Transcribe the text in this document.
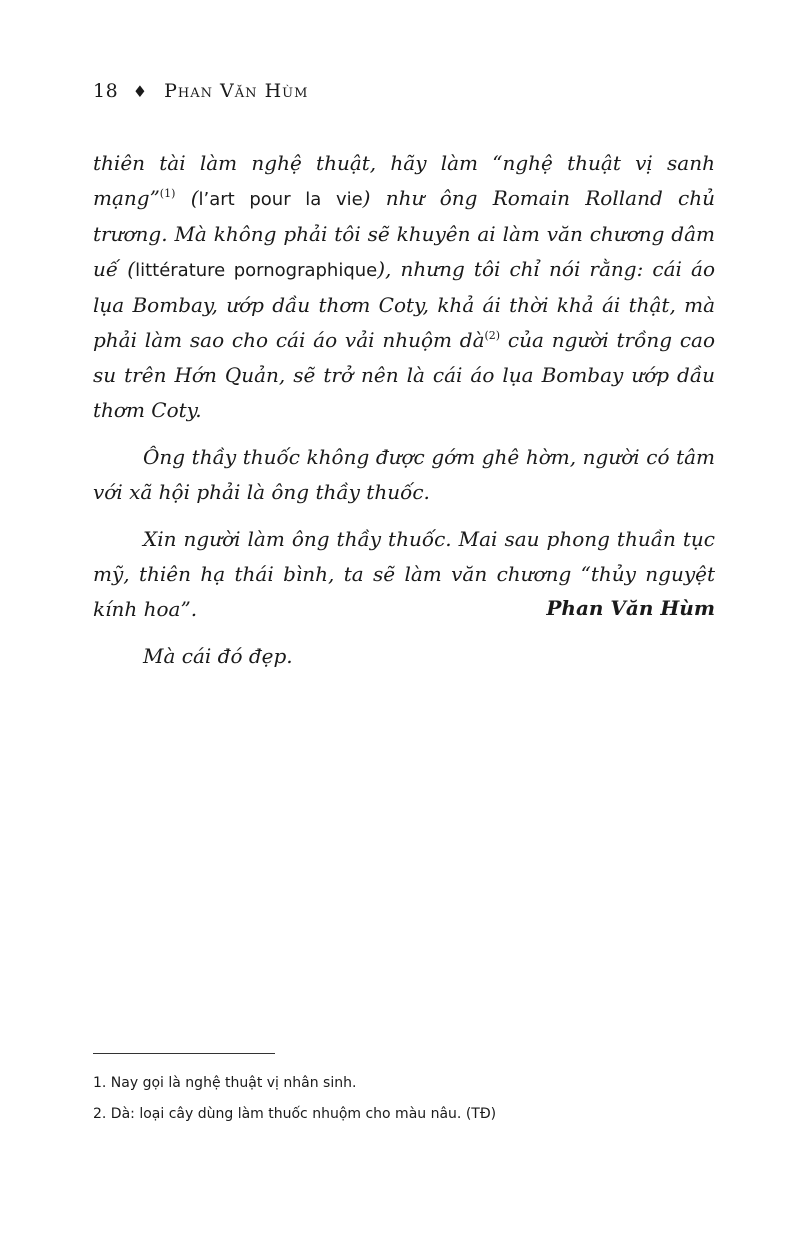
18 ♦ Phan Văn Hùm

thiên tài làm nghệ thuật, hãy làm “nghệ thuật vị sanh mạng”$^{(1)}$ (l’art pour la vie) như ông Romain Rolland chủ trương. Mà không phải tôi sẽ khuyên ai làm văn chương dâm uế (littérature pornographique), nhưng tôi chỉ nói rằng: cái áo lụa Bombay, ướp dầu thơm Coty, khả ái thời khả ái thật, mà phải làm sao cho cái áo vải nhuộm dà$^{(2)}$ của người trồng cao su trên Hớn Quản, sẽ trở nên là cái áo lụa Bombay ướp dầu thơm Coty.

Ông thầy thuốc không được gớm ghê hờm, người có tâm với xã hội phải là ông thầy thuốc.

Xin người làm ông thầy thuốc. Mai sau phong thuần tục mỹ, thiên hạ thái bình, ta sẽ làm văn chương “thủy nguyệt kính hoa”.

Mà cái đó đẹp.

Phan Văn Hùm
1. Nay gọi là nghệ thuật vị nhân sinh.
2. Dà: loại cây dùng làm thuốc nhuộm cho màu nâu. (TĐ)
